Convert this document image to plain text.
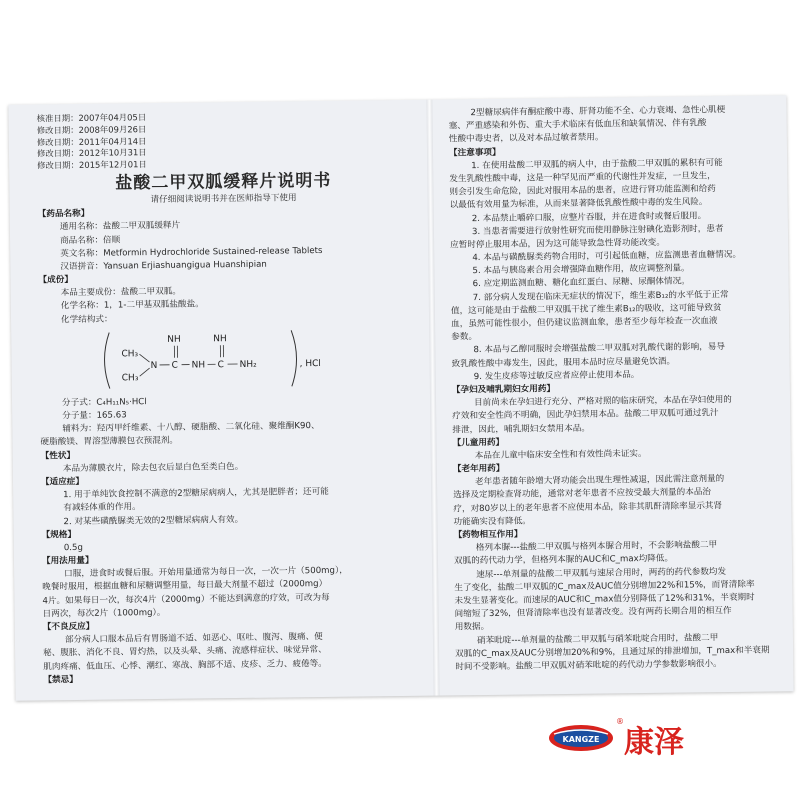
核准日期：2007年04月05日
修改日期：2008年09月26日
修改日期：2011年04月14日
修改日期：2012年10月31日
修改日期：2015年12月01日
盐酸二甲双胍缓释片说明书
请仔细阅读说明书并在医师指导下使用
【药品名称】
通用名称：盐酸二甲双胍缓释片
商品名称：倍顺
英文名称：Metformin Hydrochloride Sustained-release Tablets
汉语拼音：Yansuan Erjiashuangigua Huanshipian
【成份】
本品主要成份：盐酸二甲双胍。
化学名称：1，1-二甲基双胍盐酸盐。
化学结构式：
CH₃
CH₃
N C
NH
NH C
NH
NH₂	, HCl
分子式：C₄H₁₁N₅·HCl
分子量：165.63
辅料为：羟丙甲纤维素、十八醇、硬脂酸、二氧化硅、聚维酮K90、
硬脂酸镁、胃溶型薄膜包衣预混剂。
【性状】
本品为薄膜衣片，除去包衣后显白色至类白色。
【适应症】
1. 用于单纯饮食控制不满意的2型糖尿病病人，尤其是肥胖者；还可能
有减轻体重的作用。
2. 对某些磺酰脲类无效的2型糖尿病病人有效。
【规格】
0.5g
【用法用量】
口服，进食时或餐后服。开始用量通常为每日一次，一次一片（500mg），
晚餐时服用，根据血糖和尿糖调整用量，每日最大剂量不超过（2000mg）
4片。如果每日一次，每次4片（2000mg）不能达到满意的疗效，可改为每
日两次，每次2片（1000mg）。
【不良反应】
部分病人口服本品后有胃肠道不适、如恶心、呕吐、腹泻、腹痛、便
秘、腹胀、消化不良、胃灼热，以及头晕、头痛、流感样症状、味觉异常、
肌肉疼痛、低血压、心悸、潮红、寒战、胸部不适、皮疹、乏力、疲倦等。
【禁忌】
2型糖尿病伴有酮症酸中毒、肝肾功能不全、心力衰竭、急性心肌梗
塞、严重感染和外伤、重大手术临床有低血压和缺氧情况、伴有乳酸
性酸中毒史者，以及对本品过敏者禁用。
【注意事项】
1. 在使用盐酸二甲双胍的病人中，由于盐酸二甲双胍的累积有可能
发生乳酸性酸中毒，这是一种罕见而严重的代谢性并发症，一旦发生，
则会引发生命危险，因此对服用本品的患者，应进行肾功能监测和给药
以最低有效用量为标准，从而来显著降低乳酸性酸中毒的发生风险。
2. 本品禁止嚼碎口服，应整片吞服，并在进食时或餐后服用。
3. 当患者需要进行放射性研究而使用静脉注射碘化造影剂时，患者
应暂时停止服用本品，因为这可能导致急性肾功能改变。
4. 本品与磺酰脲类药物合用时，可引起低血糖，应监测患者血糖情况。
5. 本品与胰岛素合用会增强降血糖作用，故应调整剂量。
6. 应定期监测血糖、糖化血红蛋白、尿糖、尿酮体情况。
7. 部分病人发现在临床无症状的情况下，维生素B₁₂的水平低于正常
值，这可能是由于盐酸二甲双胍干扰了维生素B₁₂的吸收，这可能导致贫
血，虽然可能性很小，但仍建议监测血象，患者至少每年检查一次血液
参数。
8. 本品与乙醇同服时会增强盐酸二甲双胍对乳酸代谢的影响，易导
致乳酸性酸中毒发生，因此，服用本品时应尽量避免饮酒。
9. 发生皮疹等过敏反应者应停止使用本品。
【孕妇及哺乳期妇女用药】
目前尚未在孕妇进行充分、严格对照的临床研究，本品在孕妇使用的
疗效和安全性尚不明确，因此孕妇禁用本品。盐酸二甲双胍可通过乳汁
排泄，因此，哺乳期妇女禁用本品。
【儿童用药】
本品在儿童中临床安全性和有效性尚未证实。
【老年用药】
老年患者随年龄增大肾功能会出现生理性减退，因此需注意剂量的
选择及定期检查肾功能，通常对老年患者不应按受最大剂量的本品治
疗，对80岁以上的老年患者不应使用本品，除非其肌酐清除率显示其肾
功能确实没有降低。
【药物相互作用】
格列本脲---盐酸二甲双胍与格列本脲合用时，不会影响盐酸二甲
双胍的药代动力学，但格列本脲的AUC和C_max均降低。
速尿---单剂量的盐酸二甲双胍与速尿合用时，两药的药代参数均发
生了变化，盐酸二甲双胍的C_max及AUC值分别增加22%和15%，而肾清除率
未发生显著变化。而速尿的AUC和C_max值分别降低了12%和31%，半衰期时
间缩短了32%，但肾清除率也没有显著改变。没有两药长期合用的相互作
用数据。
硝苯吡啶---单剂量的盐酸二甲双胍与硝苯吡啶合用时，盐酸二甲
双胍的C_max及AUC分别增加20%和9%，且通过尿的排泄增加，T_max和半衰期
时间不受影响。盐酸二甲双胍对硝苯吡啶的药代动力学参数影响很小。
KANGZE
®
康泽
